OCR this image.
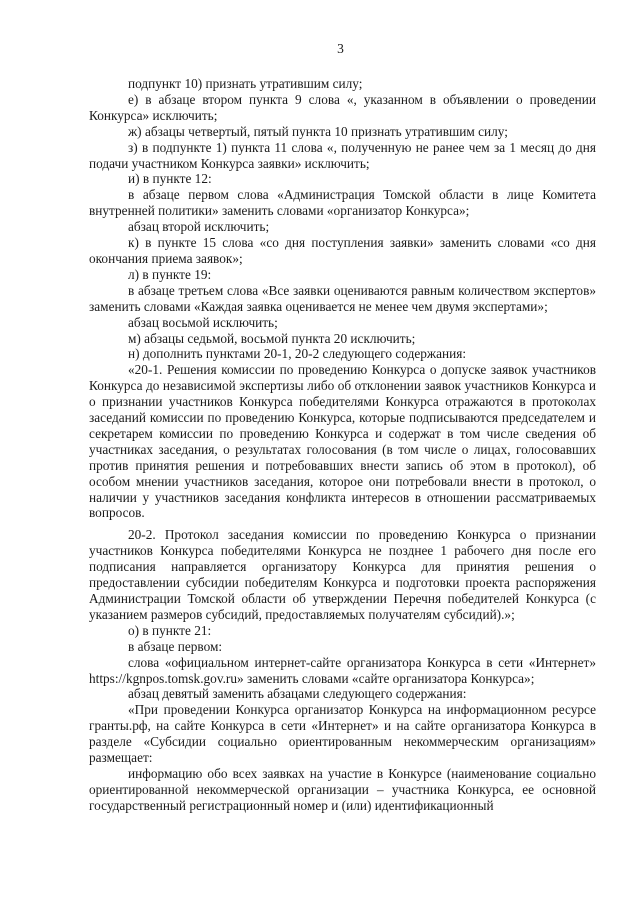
3

подпункт 10) признать утратившим силу;

е) в абзаце втором пункта 9 слова «, указанном в объявлении о проведении Конкурса» исключить;

ж) абзацы четвертый, пятый пункта 10 признать утратившим силу;

з) в подпункте 1) пункта 11 слова «, полученную не ранее чем за 1 месяц до дня подачи участником Конкурса заявки» исключить;

и) в пункте 12:

в абзаце первом слова «Администрация Томской области в лице Комитета внутренней политики» заменить словами «организатор Конкурса»;

абзац второй исключить;

к) в пункте 15 слова «со дня поступления заявки» заменить словами «со дня окончания приема заявок»;

л) в пункте 19:

в абзаце третьем слова «Все заявки оцениваются равным количеством экспертов» заменить словами «Каждая заявка оценивается не менее чем двумя экспертами»;

абзац восьмой исключить;

м) абзацы седьмой, восьмой пункта 20 исключить;

н) дополнить пунктами 20-1, 20-2 следующего содержания:

«20-1. Решения комиссии по проведению Конкурса о допуске заявок участников Конкурса до независимой экспертизы либо об отклонении заявок участников Конкурса и о признании участников Конкурса победителями Конкурса отражаются в протоколах заседаний комиссии по проведению Конкурса, которые подписываются председателем и секретарем комиссии по проведению Конкурса и содержат в том числе сведения об участниках заседания, о результатах голосования (в том числе о лицах, голосовавших против принятия решения и потребовавших внести запись об этом в протокол), об особом мнении участников заседания, которое они потребовали внести в протокол, о наличии у участников заседания конфликта интересов в отношении рассматриваемых вопросов.

20-2. Протокол заседания комиссии по проведению Конкурса о признании участников Конкурса победителями Конкурса не позднее 1 рабочего дня после его подписания направляется организатору Конкурса для принятия решения о предоставлении субсидии победителям Конкурса и подготовки проекта распоряжения Администрации Томской области об утверждении Перечня победителей Конкурса (с указанием размеров субсидий, предоставляемых получателям субсидий).»;

о) в пункте 21:

в абзаце первом:

слова «официальном интернет-сайте организатора Конкурса в сети «Интернет» https://kgnpos.tomsk.gov.ru» заменить словами «сайте организатора Конкурса»;

абзац девятый заменить абзацами следующего содержания:

«При проведении Конкурса организатор Конкурса на информационном ресурсе гранты.рф, на сайте Конкурса в сети «Интернет» и на сайте организатора Конкурса в разделе «Субсидии социально ориентированным некоммерческим организациям» размещает:

информацию обо всех заявках на участие в Конкурсе (наименование социально ориентированной некоммерческой организации – участника Конкурса, ее основной государственный регистрационный номер и (или) идентификационный
